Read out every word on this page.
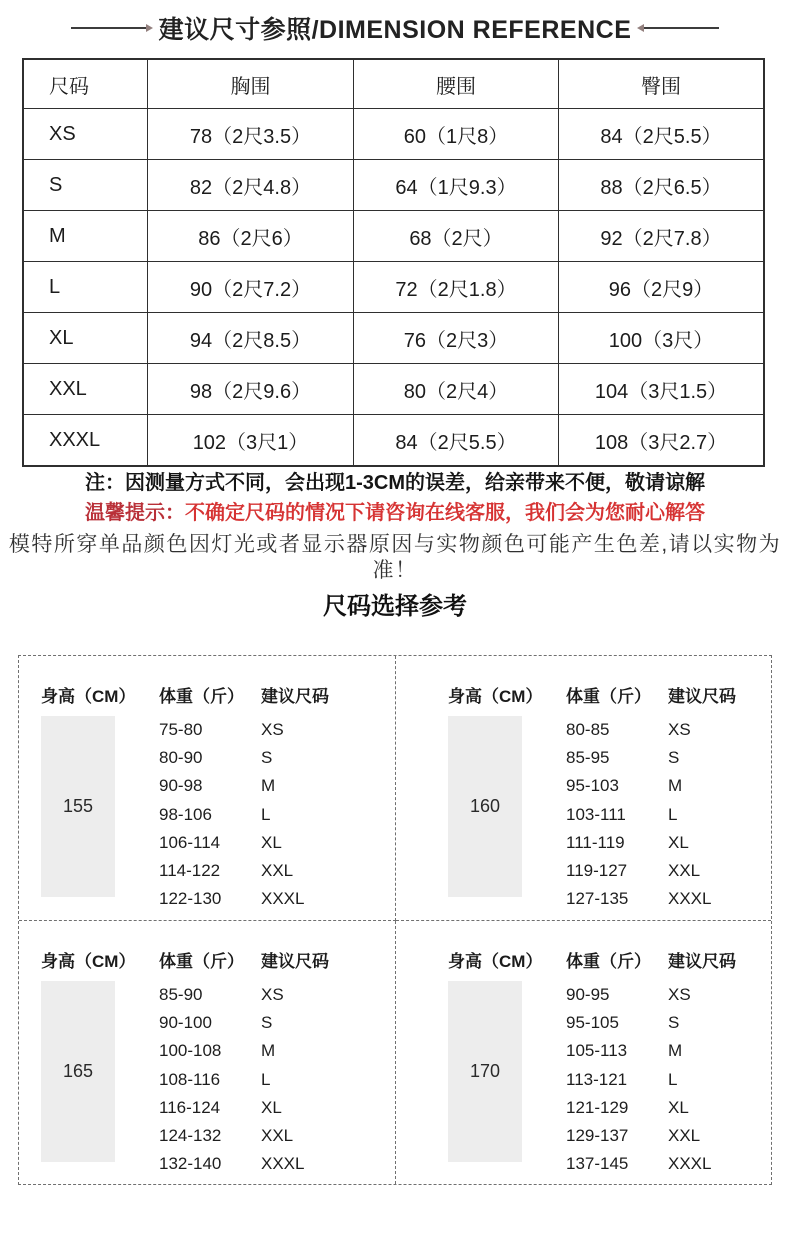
建议尺寸参照/DIMENSION REFERENCE
尺码	胸围	腰围	臀围
XS	78（2尺3.5）	60（1尺8）	84（2尺5.5）
S	82（2尺4.8）	64（1尺9.3）	88（2尺6.5）
M	86（2尺6）	68（2尺）	92（2尺7.8）
L	90（2尺7.2）	72（2尺1.8）	96（2尺9）
XL	94（2尺8.5）	76（2尺3）	100（3尺）
XXL	98（2尺9.6）	80（2尺4）	104（3尺1.5）
XXXL	102（3尺1）	84（2尺5.5）	108（3尺2.7）
注：因测量方式不同，会出现1-3CM的误差，给亲带来不便，敬请谅解
温馨提示：不确定尺码的情况下请咨询在线客服，我们会为您耐心解答
模特所穿单品颜色因灯光或者显示器原因与实物颜色可能产生色差,请以实物为准！
尺码选择参考
身高（CM）	体重（斤）	建议尺码
155
75-80	XS
80-90	S
90-98	M
98-106	L
106-114	XL
114-122	XXL
122-130	XXXL
身高（CM）	体重（斤）	建议尺码
160
80-85	XS
85-95	S
95-103	M
103-111	L
111-119	XL
119-127	XXL
127-135	XXXL
身高（CM）	体重（斤）	建议尺码
165
85-90	XS
90-100	S
100-108	M
108-116	L
116-124	XL
124-132	XXL
132-140	XXXL
身高（CM）	体重（斤）	建议尺码
170
90-95	XS
95-105	S
105-113	M
113-121	L
121-129	XL
129-137	XXL
137-145	XXXL
